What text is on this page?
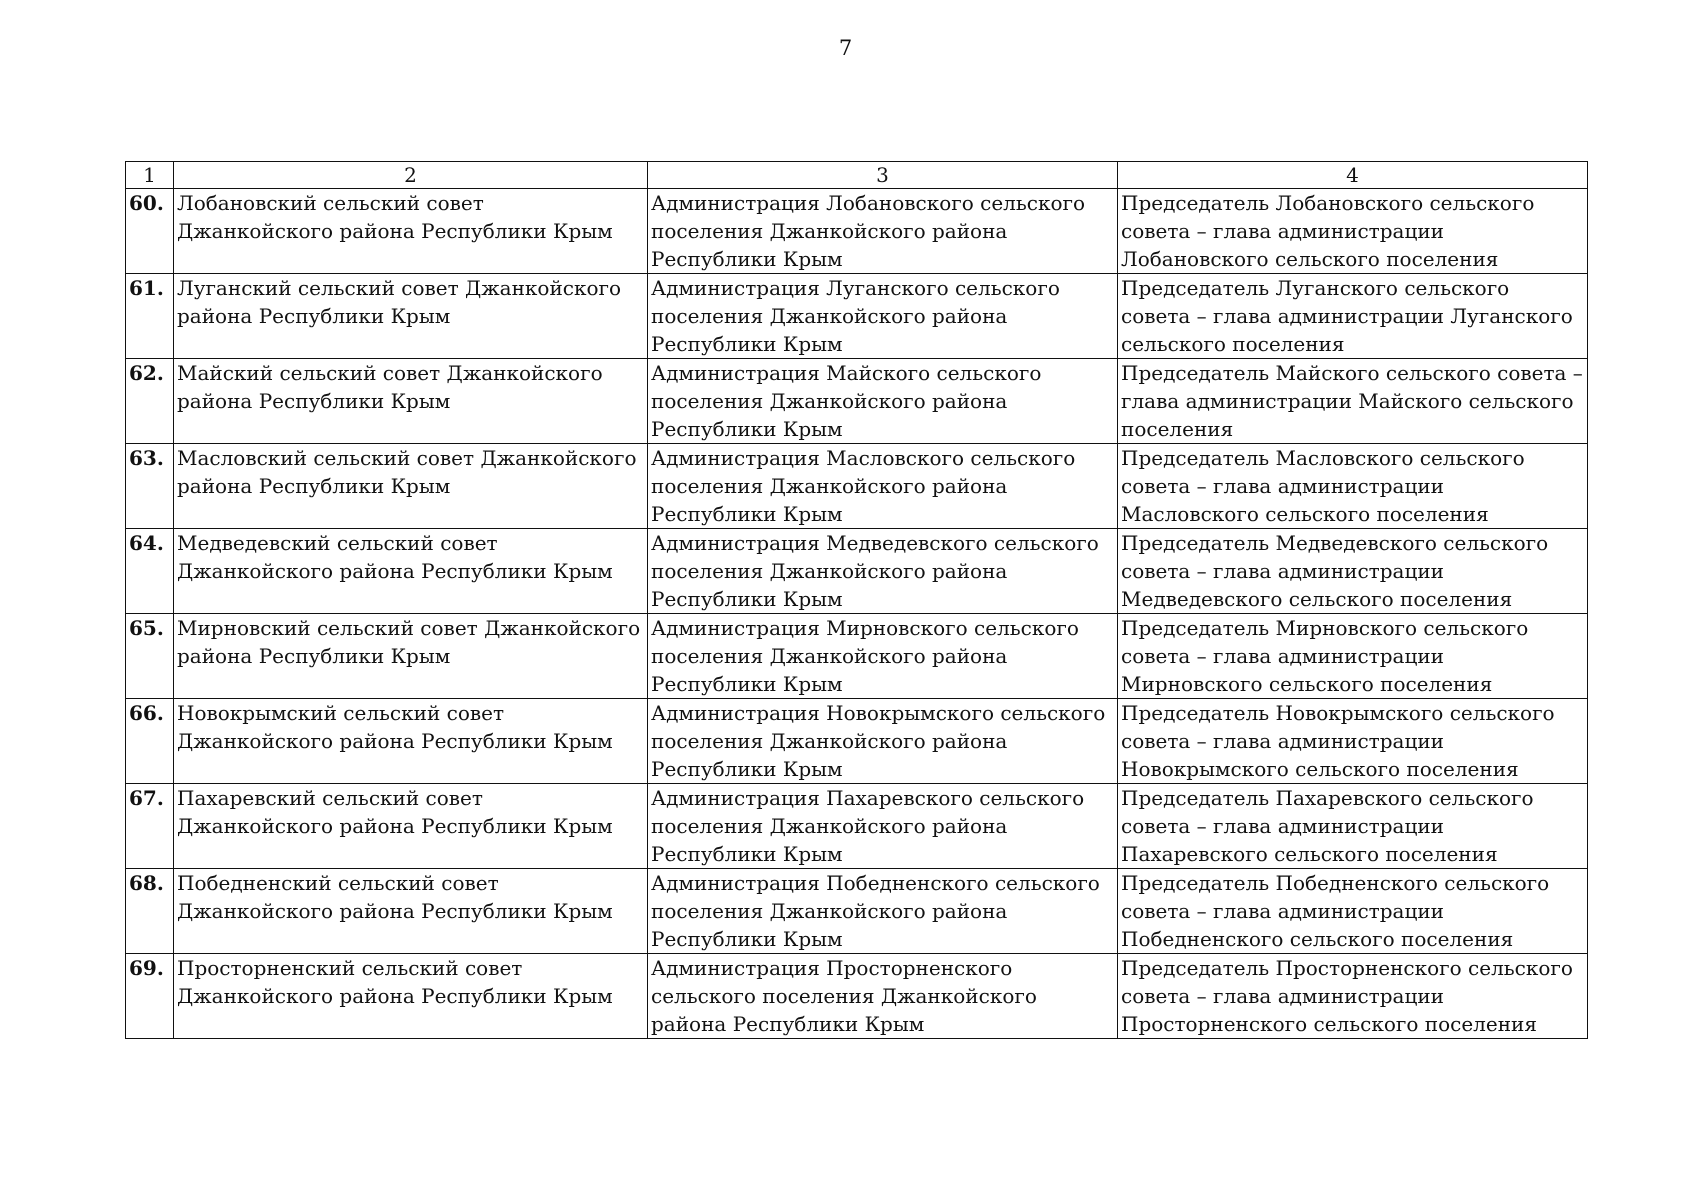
7
1	2	3	4
60.	Лобановский сельский совет Джанкойского района Республики Крым	Администрация Лобановского сельского поселения Джанкойского района Республики Крым	Председатель Лобановского сельского совета – глава администрации Лобановского сельского поселения
61.	Луганский сельский совет Джанкойского района Республики Крым	Администрация Луганского сельского поселения Джанкойского района Республики Крым	Председатель Луганского сельского совета – глава администрации Луганского сельского поселения
62.	Майский сельский совет Джанкойского района Республики Крым	Администрация Майского сельского поселения Джанкойского района Республики Крым	Председатель Майского сельского совета – глава администрации Майского сельского поселения
63.	Масловский сельский совет Джанкойского района Республики Крым	Администрация Масловского сельского поселения Джанкойского района Республики Крым	Председатель Масловского сельского совета – глава администрации Масловского сельского поселения
64.	Медведевский сельский совет Джанкойского района Республики Крым	Администрация Медведевского сельского поселения Джанкойского района Республики Крым	Председатель Медведевского сельского совета – глава администрации Медведевского сельского поселения
65.	Мирновский сельский совет Джанкойского района Республики Крым	Администрация Мирновского сельского поселения Джанкойского района Республики Крым	Председатель Мирновского сельского совета – глава администрации Мирновского сельского поселения
66.	Новокрымский сельский совет Джанкойского района Республики Крым	Администрация Новокрымского сельского поселения Джанкойского района Республики Крым	Председатель Новокрымского сельского совета – глава администрации Новокрымского сельского поселения
67.	Пахаревский сельский совет Джанкойского района Республики Крым	Администрация Пахаревского сельского поселения Джанкойского района Республики Крым	Председатель Пахаревского сельского совета – глава администрации Пахаревского сельского поселения
68.	Победненский сельский совет Джанкойского района Республики Крым	Администрация Победненского сельского поселения Джанкойского района Республики Крым	Председатель Победненского сельского совета – глава администрации Победненского сельского поселения
69.	Просторненский сельский совет Джанкойского района Республики Крым	Администрация Просторненского сельского поселения Джанкойского района Республики Крым	Председатель Просторненского сельского совета – глава администрации Просторненского сельского поселения
